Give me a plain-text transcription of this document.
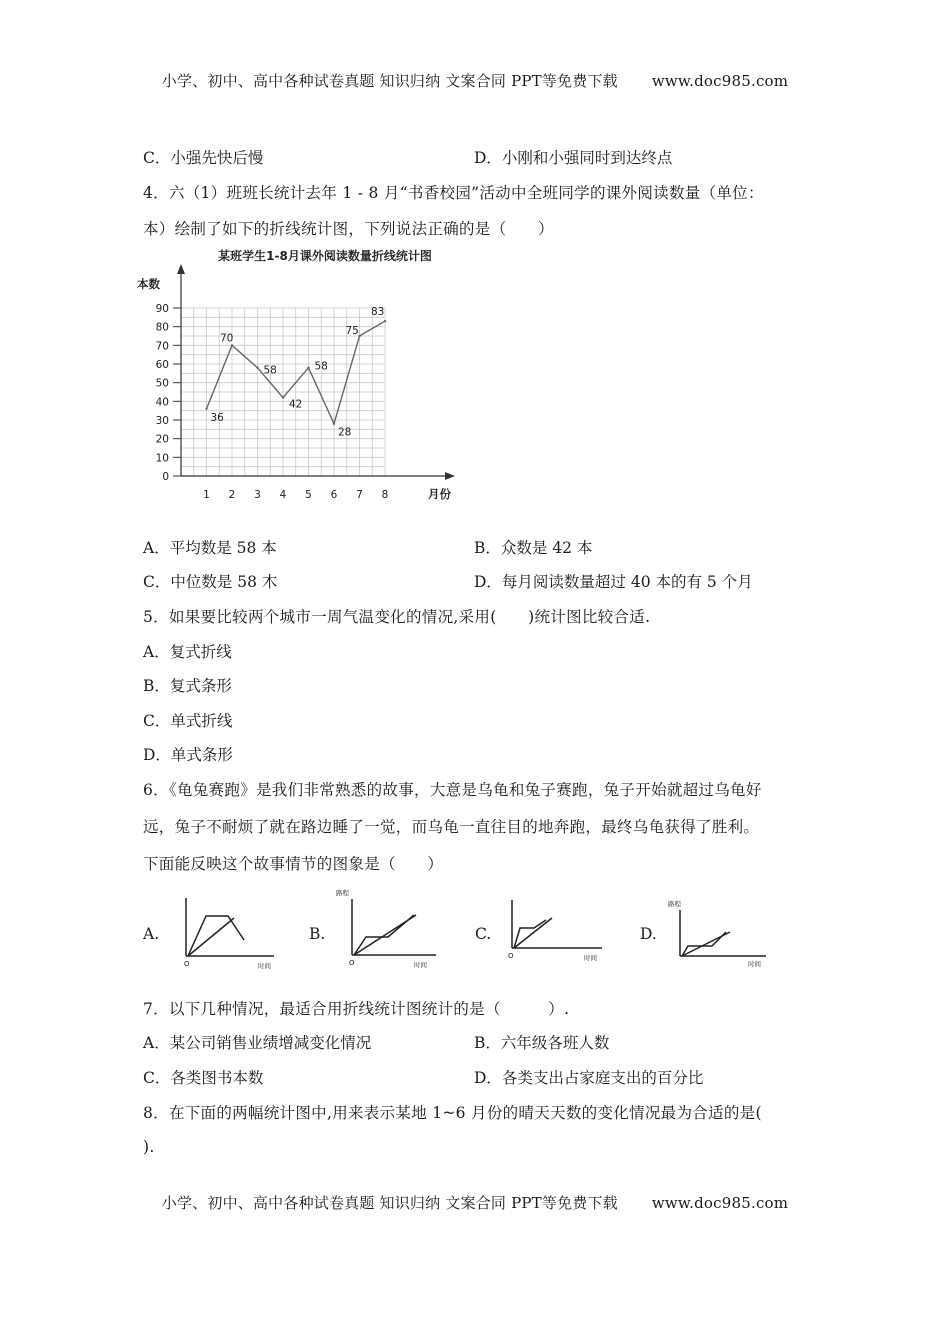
小学、初中、高中各种试卷真题 知识归纳 文案合同 PPT等免费下载 www.doc985.com
C．小强先快后慢	D．小刚和小强同时到达终点
4．六（1）班班长统计去年 1 - 8 月“书香校园”活动中全班同学的课外阅读数量（单位：
本）绘制了如下的折线统计图，下列说法正确的是（　　）
某班学生1-8月课外阅读数量折线统计图
本数
月份
0
10
20
30
40
50
60
70
80
90
1 2 3 4 5 6 7 8
36
70
58
42
58
28
75
83
A．平均数是 58 本	B．众数是 42 本
C．中位数是 58 木	D．每月阅读数量超过 40 本的有 5 个月
5．如果要比较两个城市一周气温变化的情况,采用(　　)统计图比较合适.
A．复式折线
B．复式条形
C．单式折线
D．单式条形
6．《龟兔赛跑》是我们非常熟悉的故事，大意是乌龟和兔子赛跑，兔子开始就超过乌龟好
远，兔子不耐烦了就在路边睡了一觉，而乌龟一直往目的地奔跑，最终乌龟获得了胜利。
下面能反映这个故事情节的图象是（　　）
A.
O	时间
B.
路程
O	时间
C.
O	时间
D.
路程
时间
7．以下几种情况，最适合用折线统计图统计的是（　　　）.
A．某公司销售业绩增减变化情况	B．六年级各班人数
C．各类图书本数	D．各类支出占家庭支出的百分比
8．在下面的两幅统计图中,用来表示某地 1~6 月份的晴天天数的变化情况最为合适的是(
).
小学、初中、高中各种试卷真题 知识归纳 文案合同 PPT等免费下载 www.doc985.com
